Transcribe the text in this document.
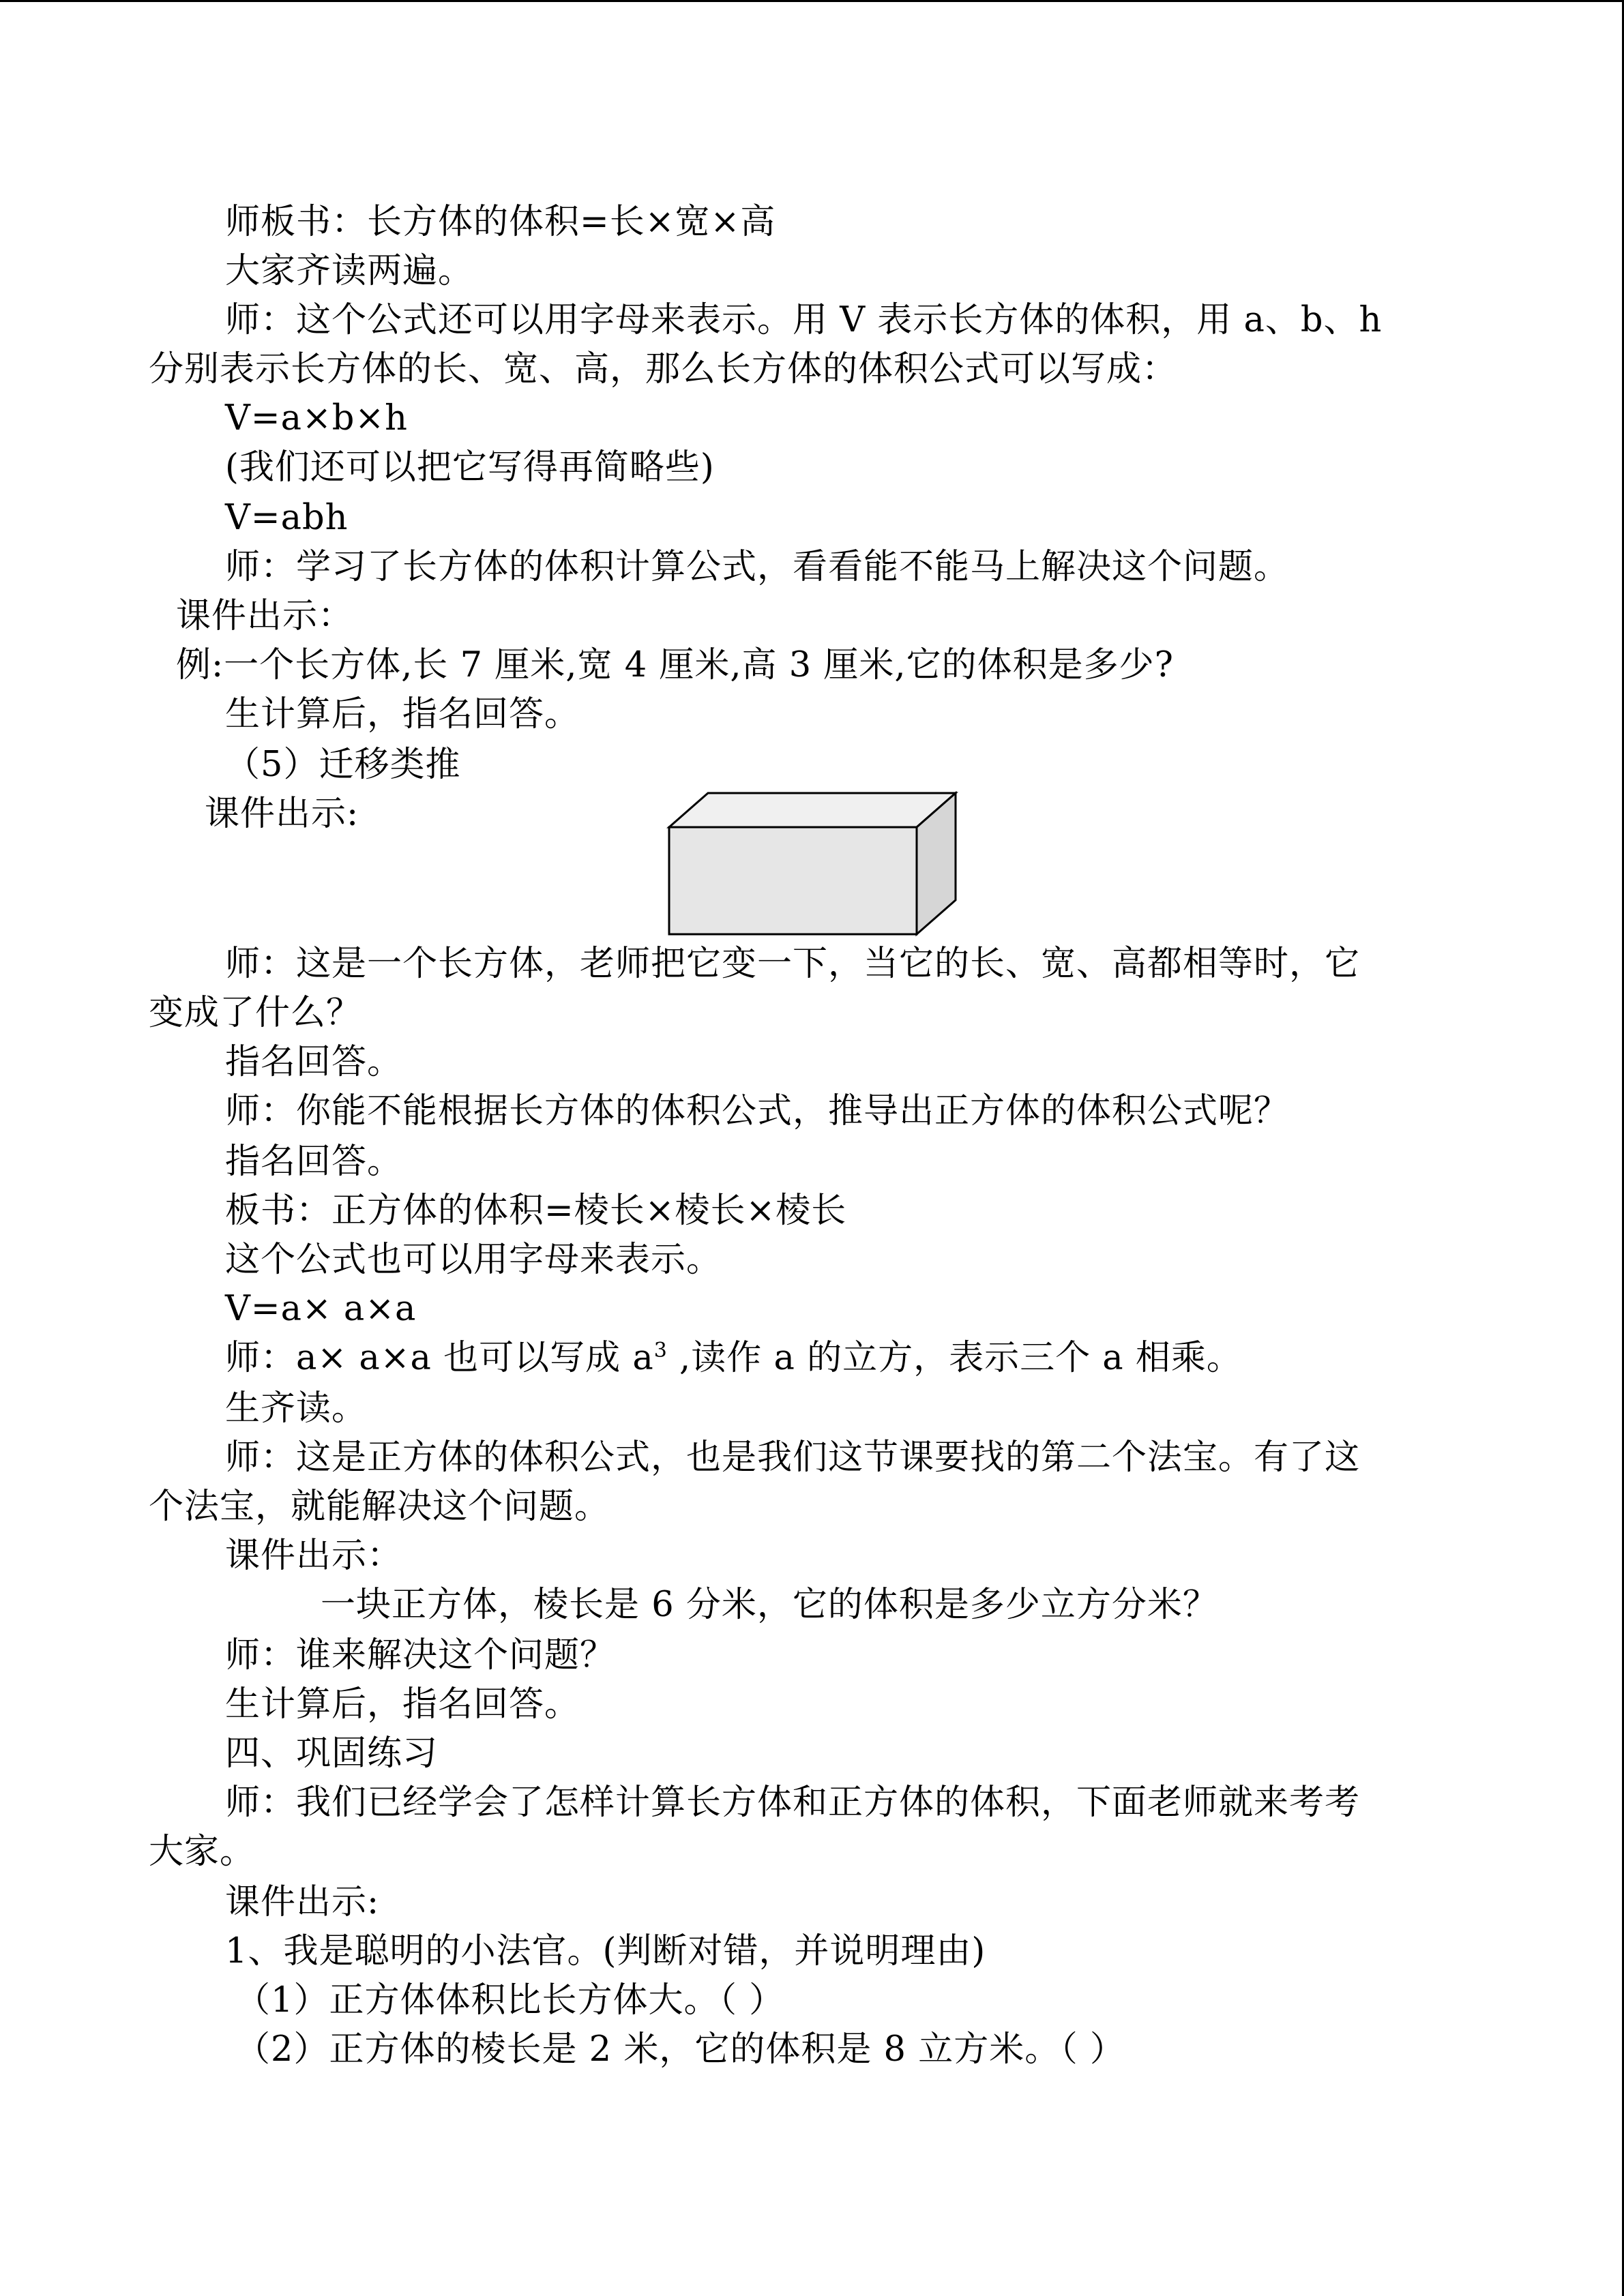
师板书：长方体的体积=长×宽×高
大家齐读两遍。
师：这个公式还可以用字母来表示。用 V 表示长方体的体积，用 a、b、h
分别表示长方体的长、宽、高，那么长方体的体积公式可以写成：
V=a×b×h
(我们还可以把它写得再简略些)
V=abh
师：学习了长方体的体积计算公式，看看能不能马上解决这个问题。
课件出示：
例:一个长方体,长 7 厘米,宽 4 厘米,高 3 厘米,它的体积是多少?
生计算后，指名回答。
（5）迁移类推
课件出示:
师：这是一个长方体，老师把它变一下，当它的长、宽、高都相等时，它
变成了什么？
指名回答。
师：你能不能根据长方体的体积公式，推导出正方体的体积公式呢？
指名回答。
板书：正方体的体积=棱长×棱长×棱长
这个公式也可以用字母来表示。
V=a× a×a
师：a× a×a 也可以写成 $a^3$ ,读作 a 的立方，表示三个 a 相乘。
生齐读。
师：这是正方体的体积公式，也是我们这节课要找的第二个法宝。有了这
个法宝，就能解决这个问题。
课件出示：
一块正方体，棱长是 6 分米，它的体积是多少立方分米？
师：谁来解决这个问题？
生计算后，指名回答。
四、巩固练习
师：我们已经学会了怎样计算长方体和正方体的体积，下面老师就来考考
大家。
课件出示:
1、我是聪明的小法官。(判断对错，并说明理由)
（1）正方体体积比长方体大。（ ）
（2）正方体的棱长是 2 米，它的体积是 8 立方米。（ ）
